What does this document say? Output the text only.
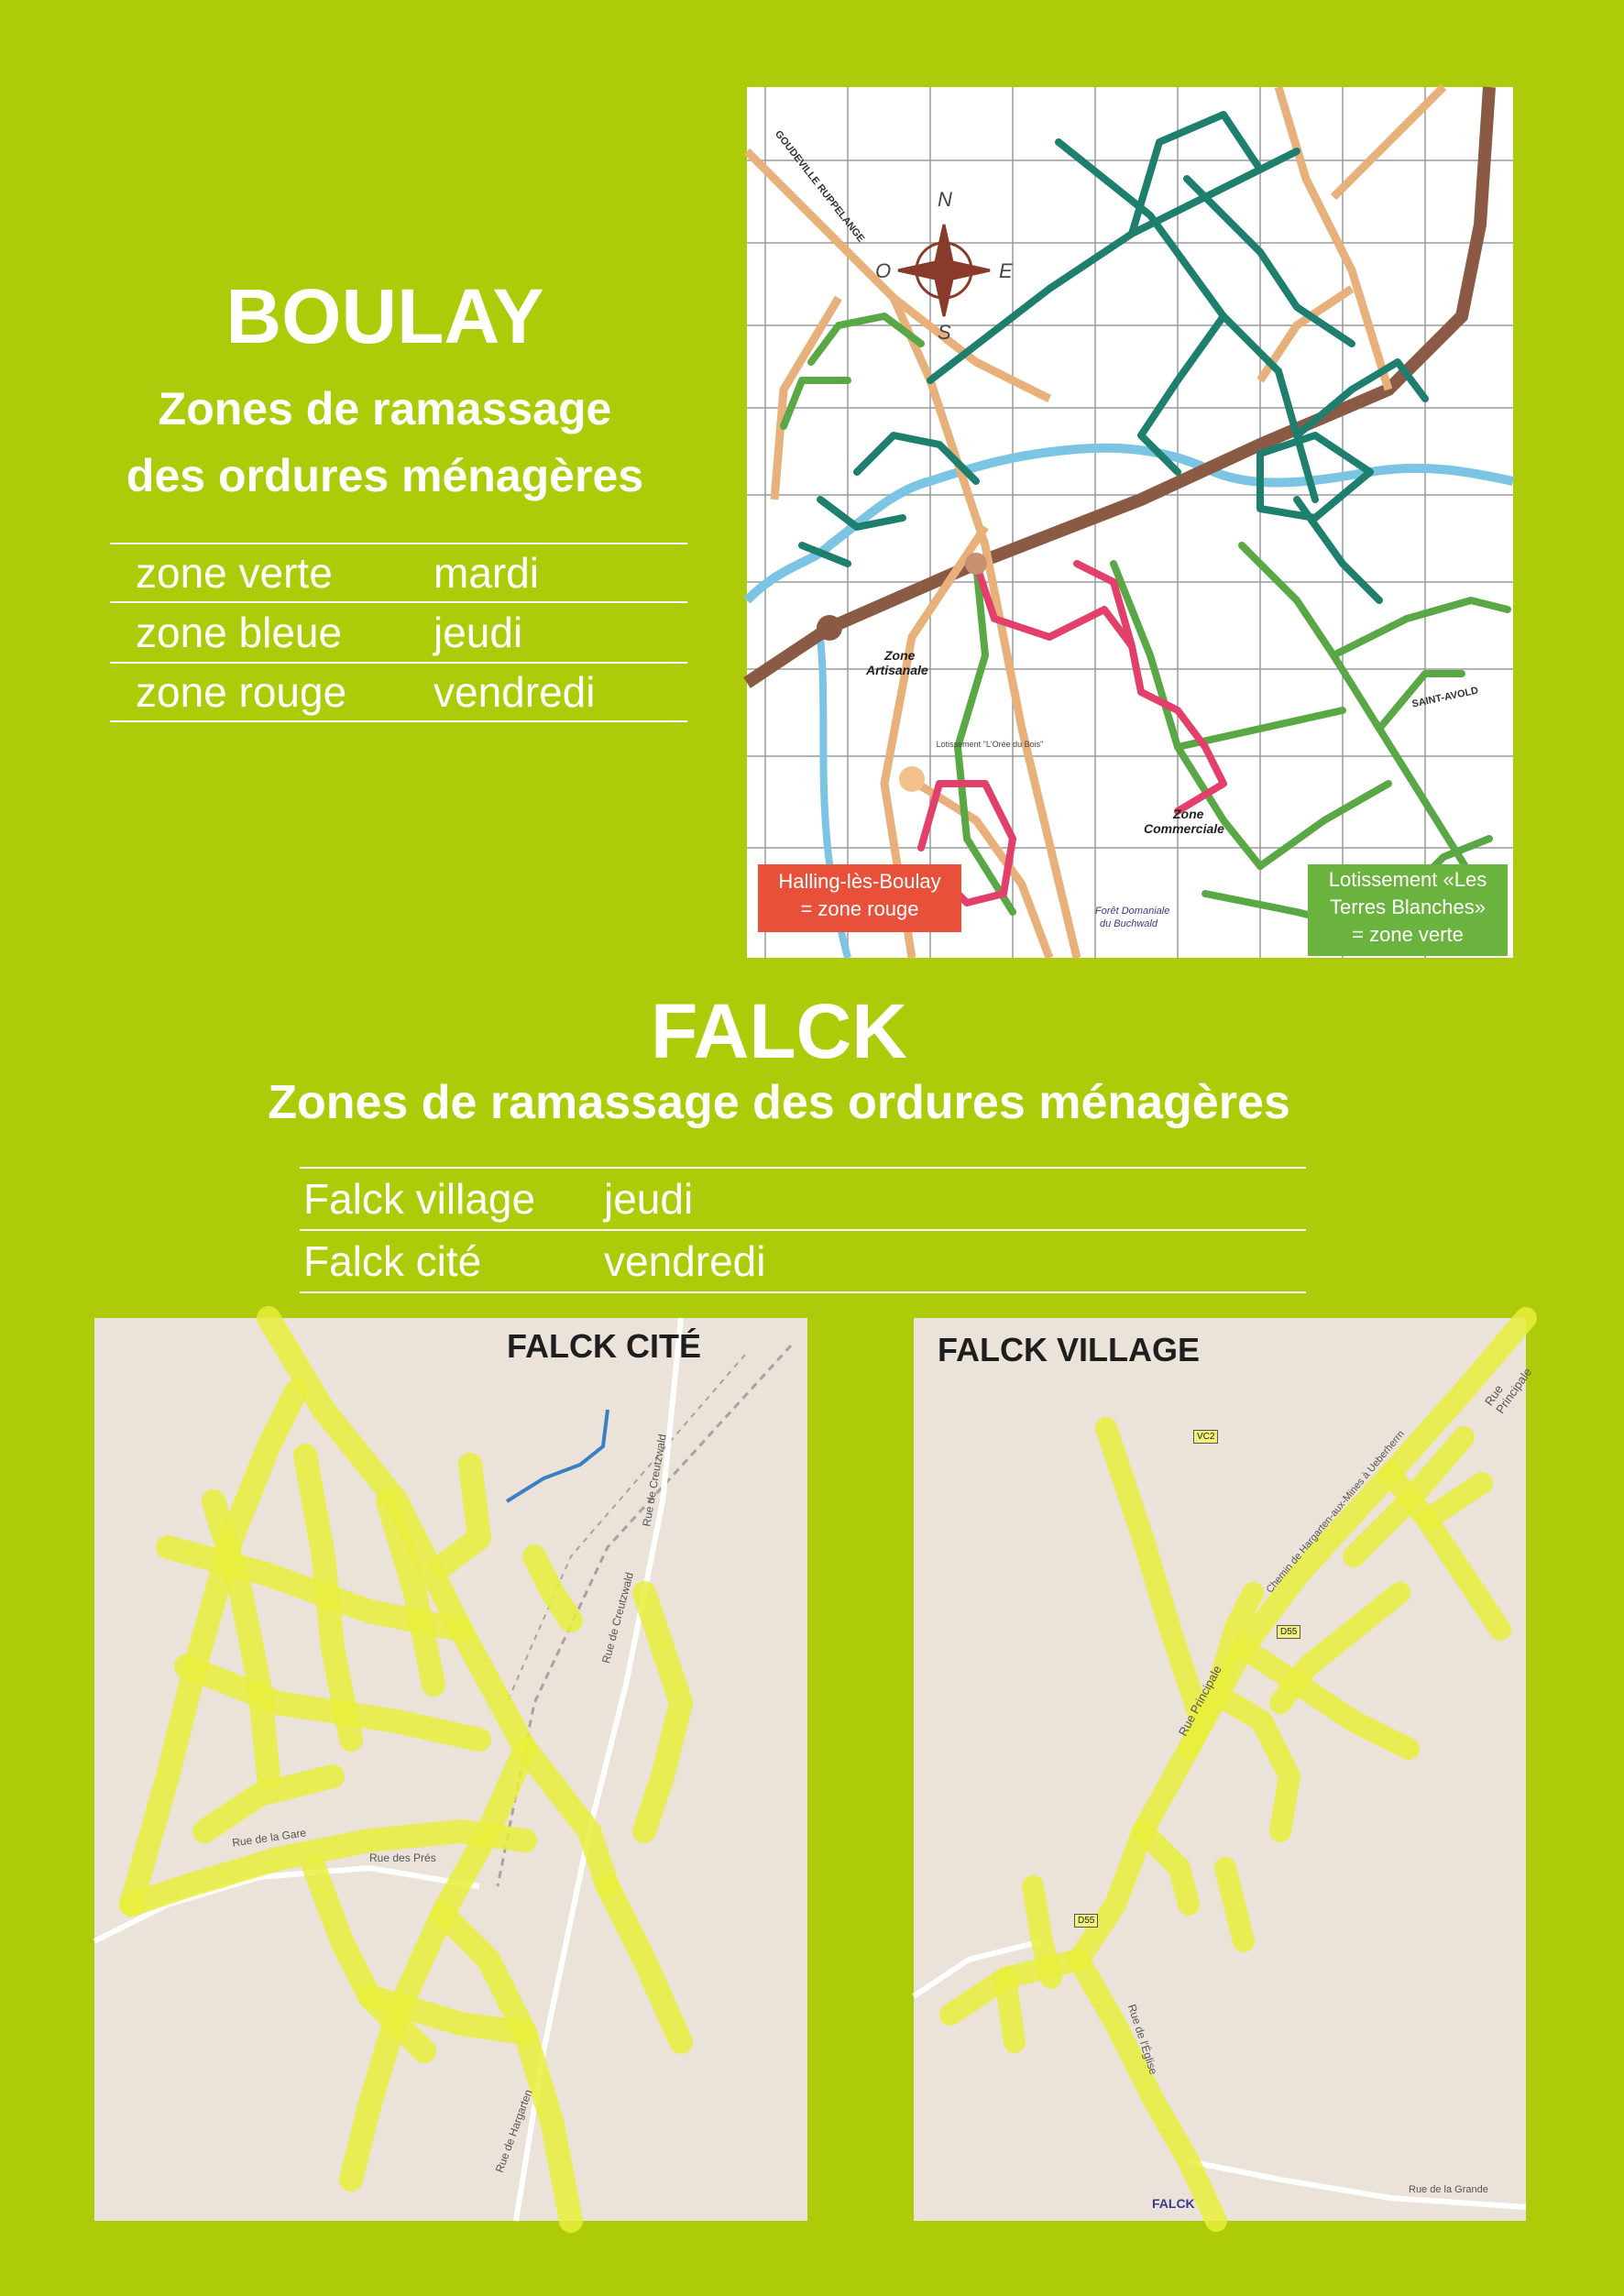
BOULAY
Zones de ramassage
des ordures ménagères
zone verte	mardi
zone bleue	jeudi
zone rouge	vendredi
N
S
E
O
GOUDEVILLE RUPPELANGE
Zone
Artisanale
Lotissement "L'Orée du Bois"
Zone
Commerciale
SAINT-AVOLD
Forêt Domaniale
du Buchwald
Halling-lès-Boulay
= zone rouge
Lotissement «Les
Terres Blanches»
= zone verte
FALCK
Zones de ramassage des ordures ménagères
Falck village	jeudi
Falck cité	vendredi
FALCK CITÉ
Rue de la Gare
Rue des Prés
Rue de Creutzwald
Rue de Creutzwald
Rue de Hargarten
FALCK VILLAGE
FALCK
VC2
D55
D55
Rue Principale
Rue Principale
Chemin de Hargarten-aux-Mines à Ueberherrn
Rue de l'Église
Rue de la Grande
